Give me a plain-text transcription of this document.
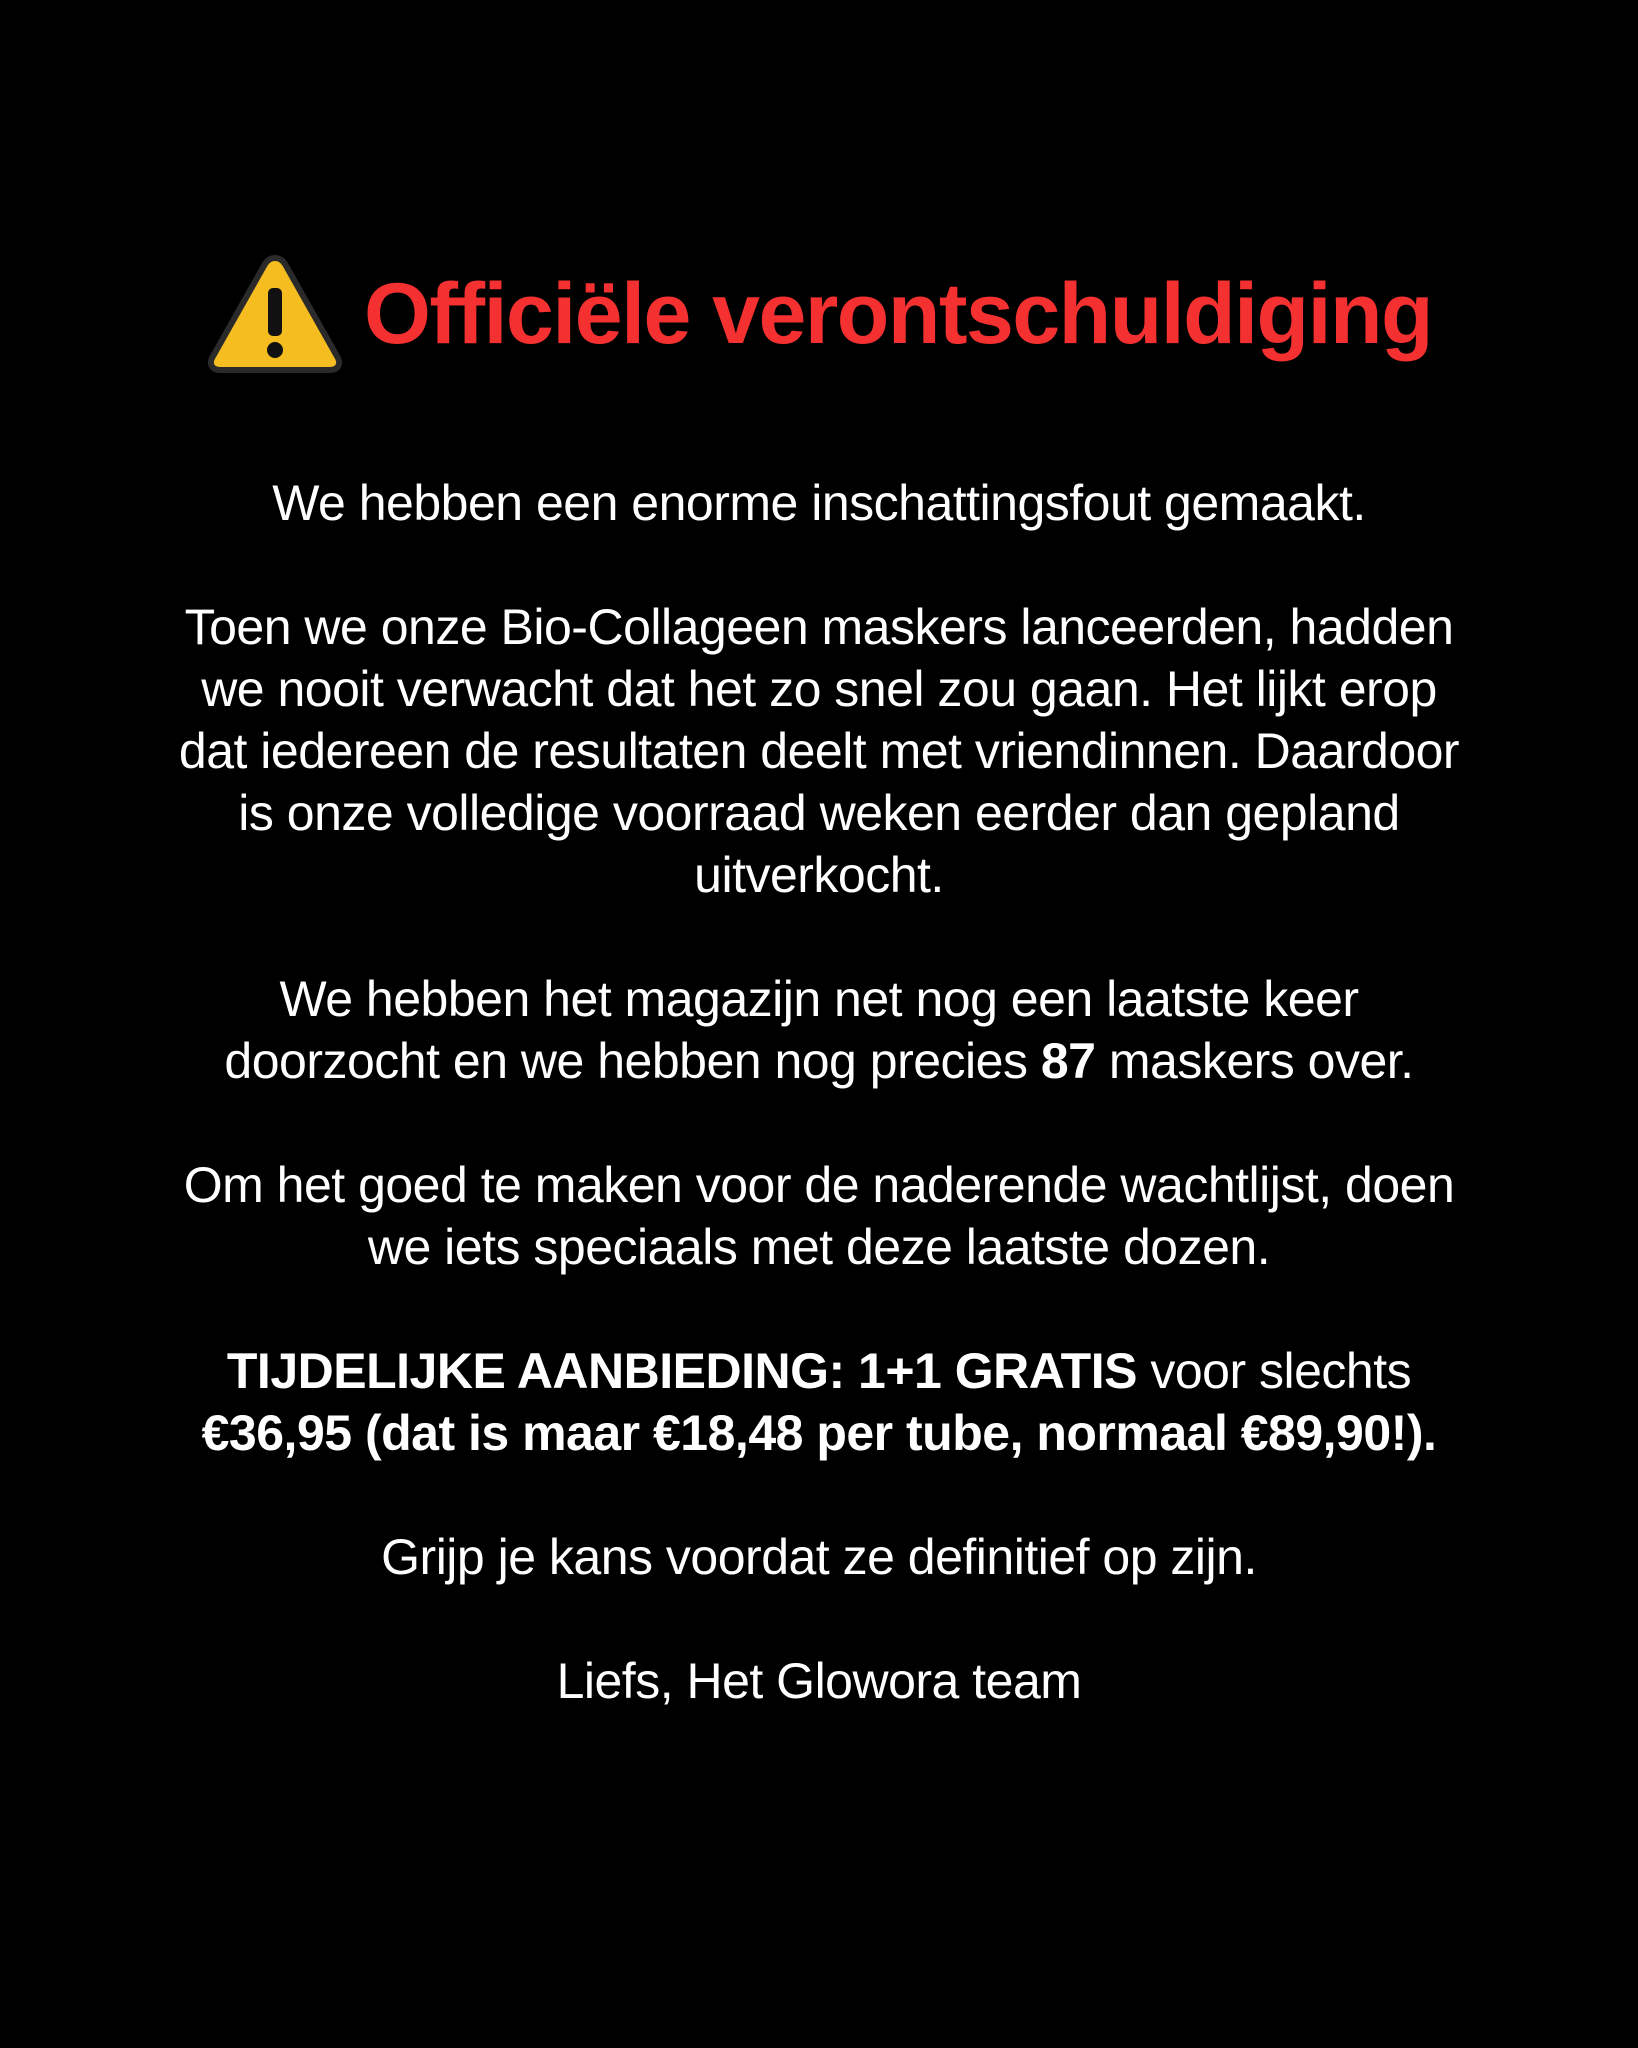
Officiële verontschuldiging

We hebben een enorme inschattingsfout gemaakt.

Toen we onze Bio-Collageen maskers lanceerden, hadden
we nooit verwacht dat het zo snel zou gaan. Het lijkt erop
dat iedereen de resultaten deelt met vriendinnen. Daardoor
is onze volledige voorraad weken eerder dan gepland
uitverkocht.

We hebben het magazijn net nog een laatste keer
doorzocht en we hebben nog precies 87 maskers over.

Om het goed te maken voor de naderende wachtlijst, doen
we iets speciaals met deze laatste dozen.

TIJDELIJKE AANBIEDING: 1+1 GRATIS voor slechts
€36,95 (dat is maar €18,48 per tube, normaal €89,90!).

Grijp je kans voordat ze definitief op zijn.

Liefs, Het Glowora team
